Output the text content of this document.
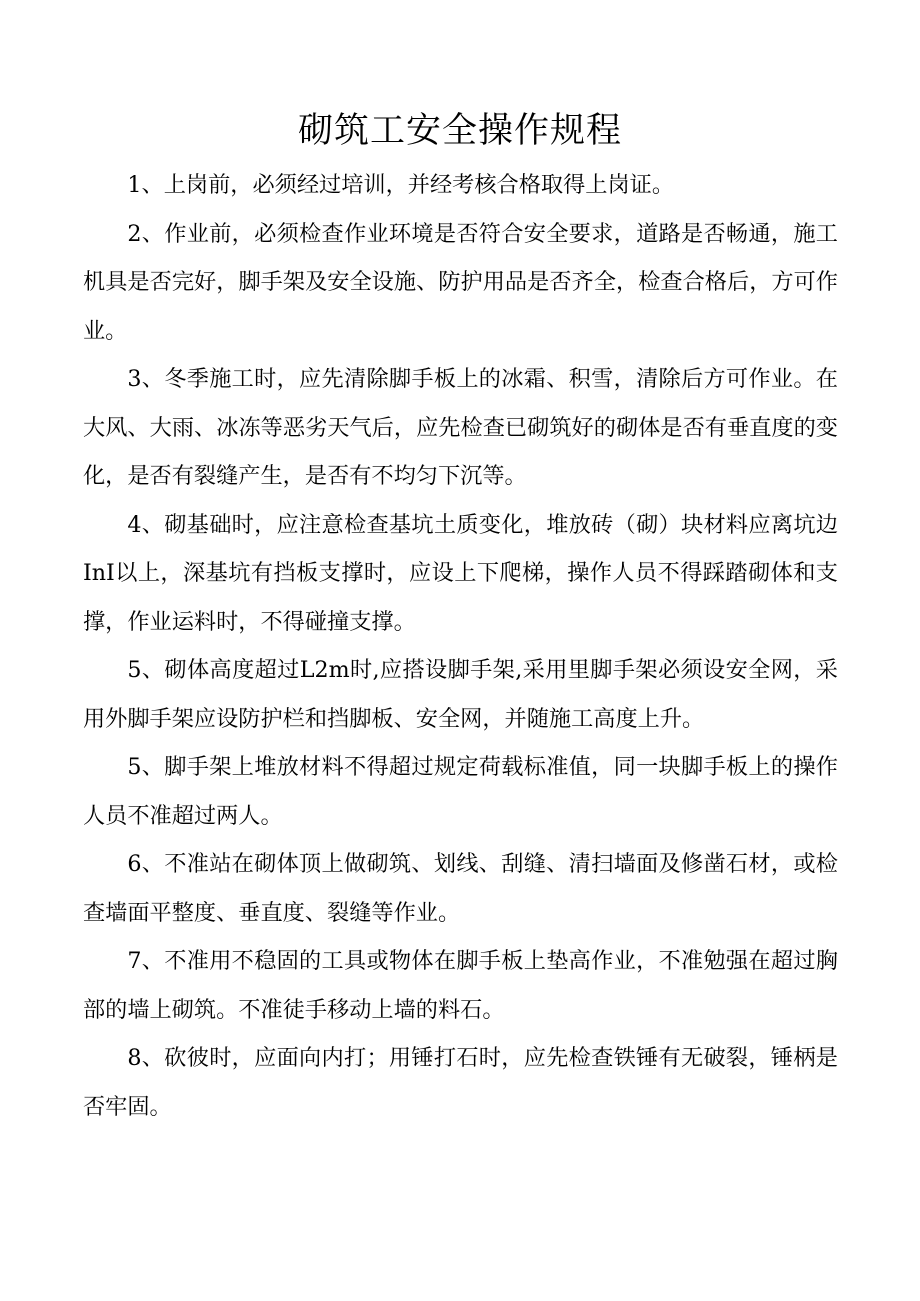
砌筑工安全操作规程

1、上岗前，必须经过培训，并经考核合格取得上岗证。

2、作业前，必须检查作业环境是否符合安全要求，道路是否畅通，施工机具是否完好，脚手架及安全设施、防护用品是否齐全，检查合格后，方可作业。

3、冬季施工时，应先清除脚手板上的冰霜、积雪，清除后方可作业。在大风、大雨、冰冻等恶劣天气后，应先检查已砌筑好的砌体是否有垂直度的变化，是否有裂缝产生，是否有不均匀下沉等。

4、砌基础时，应注意检查基坑土质变化，堆放砖（砌）块材料应离坑边InI以上，深基坑有挡板支撑时，应设上下爬梯，操作人员不得踩踏砌体和支撑，作业运料时，不得碰撞支撑。

5、砌体高度超过L2m时,应搭设脚手架,采用里脚手架必须设安全网，采用外脚手架应设防护栏和挡脚板、安全网，并随施工高度上升。

5、脚手架上堆放材料不得超过规定荷载标准值，同一块脚手板上的操作人员不准超过两人。

6、不准站在砌体顶上做砌筑、划线、刮缝、清扫墙面及修凿石材，或检查墙面平整度、垂直度、裂缝等作业。

7、不准用不稳固的工具或物体在脚手板上垫高作业，不准勉强在超过胸部的墙上砌筑。不准徒手移动上墙的料石。

8、砍彼时，应面向内打；用锤打石时，应先检查铁锤有无破裂，锤柄是否牢固。
